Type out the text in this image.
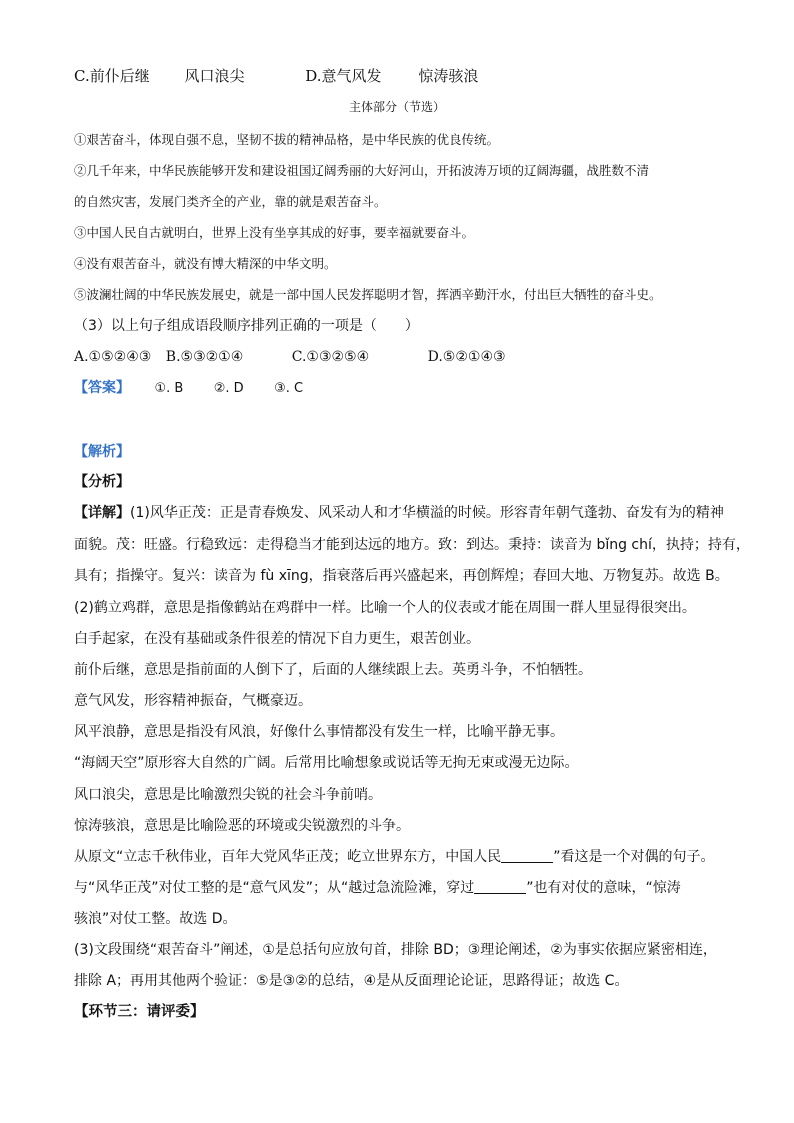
C.前仆后继 风口浪尖	D.意气风发 惊涛骇浪
主体部分（节选）
①艰苦奋斗，体现自强不息，坚韧不拔的精神品格，是中华民族的优良传统。
②几千年来，中华民族能够开发和建设祖国辽阔秀丽的大好河山，开拓波涛万顷的辽阔海疆，战胜数不清
的自然灾害，发展门类齐全的产业，靠的就是艰苦奋斗。
③中国人民自古就明白，世界上没有坐享其成的好事，要幸福就要奋斗。
④没有艰苦奋斗，就没有博大精深的中华文明。
⑤波澜壮阔的中华民族发展史，就是一部中国人民发挥聪明才智，挥洒辛勤汗水，付出巨大牺牲的奋斗史。
（3）以上句子组成语段顺序排列正确的一项是（　　）
A.①⑤②④③ B.⑤③②①④	C.①③②⑤④	D.⑤②①④③
【答案】 ①. B ②. D ③. C
【解析】
【分析】
【详解】(1)风华正茂：正是青春焕发、风采动人和才华横溢的时候。形容青年朝气蓬勃、奋发有为的精神
面貌。茂：旺盛。行稳致远：走得稳当才能到达远的地方。致：到达。秉持：读音为 bǐng chí，执持；持有，
具有；指操守。复兴：读音为 fù xīng，指衰落后再兴盛起来，再创辉煌；春回大地、万物复苏。故选 B。
(2)鹤立鸡群，意思是指像鹤站在鸡群中一样。比喻一个人的仪表或才能在周围一群人里显得很突出。
白手起家，在没有基础或条件很差的情况下自力更生，艰苦创业。
前仆后继，意思是指前面的人倒下了，后面的人继续跟上去。英勇斗争，不怕牺牲。
意气风发，形容精神振奋，气概豪迈。
风平浪静，意思是指没有风浪，好像什么事情都没有发生一样，比喻平静无事。
“海阔天空”原形容大自然的广阔。后常用比喻想象或说话等无拘无束或漫无边际。
风口浪尖，意思是比喻激烈尖锐的社会斗争前哨。
惊涛骇浪，意思是比喻险恶的环境或尖锐激烈的斗争。
从原文“立志千秋伟业，百年大党风华正茂；屹立世界东方，中国人民	”看这是一个对偶的句子。
与“风华正茂”对仗工整的是“意气风发”；从“越过急流险滩，穿过	”也有对仗的意味，“惊涛
骇浪”对仗工整。故选 D。
(3)文段围绕“艰苦奋斗”阐述，①是总括句应放句首，排除 BD；③理论阐述，②为事实依据应紧密相连，
排除 A；再用其他两个验证：⑤是③②的总结，④是从反面理论论证，思路得证；故选 C。
【环节三：请评委】
